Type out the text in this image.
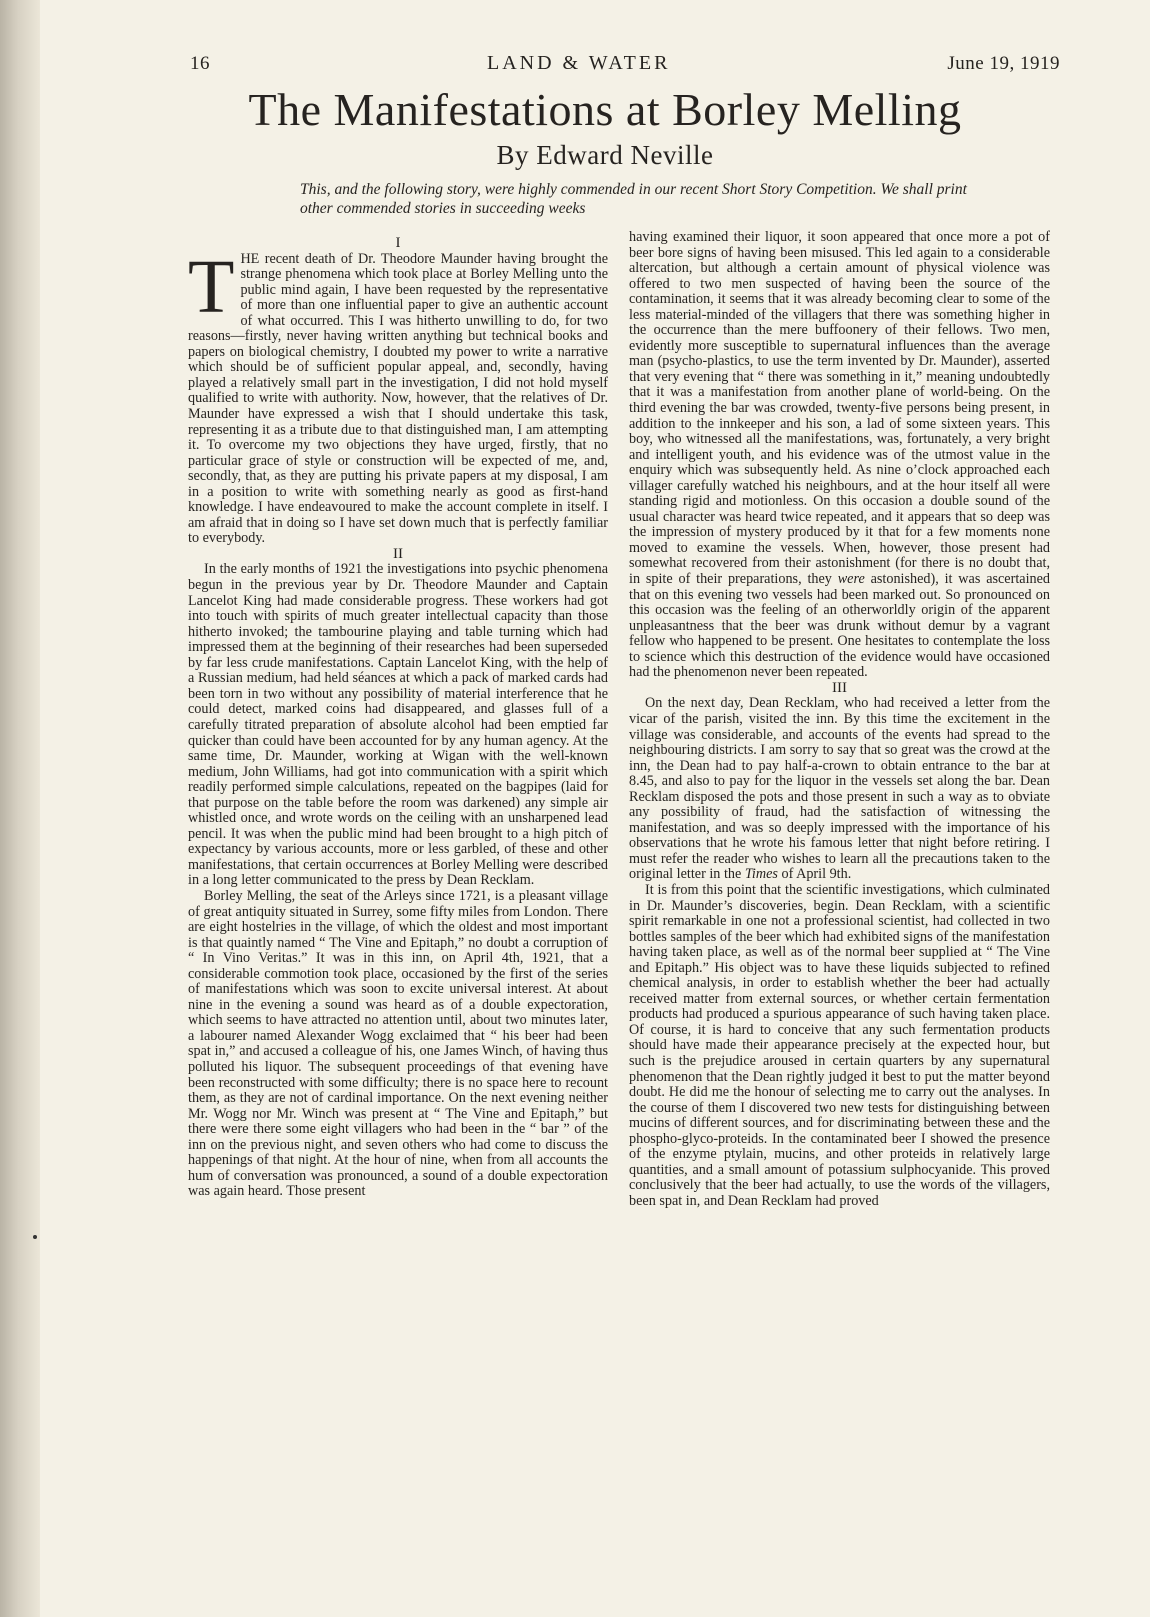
16	LAND & WATER	June 19, 1919
The Manifestations at Borley Melling

By Edward Neville

This, and the following story, were highly commended in our recent Short Story Competition. We shall print other commended stories in succeeding weeks

I

THE recent death of Dr. Theodore Maunder having brought the strange phenomena which took place at Borley Melling unto the public mind again, I have been requested by the representative of more than one influential paper to give an authentic account of what occurred. This I was hitherto unwilling to do, for two reasons—firstly, never having written anything but technical books and papers on biological chemistry, I doubted my power to write a narrative which should be of sufficient popular appeal, and, secondly, having played a relatively small part in the investigation, I did not hold myself qualified to write with authority. Now, however, that the relatives of Dr. Maunder have expressed a wish that I should undertake this task, representing it as a tribute due to that distinguished man, I am attempting it. To overcome my two objections they have urged, firstly, that no particular grace of style or construction will be expected of me, and, secondly, that, as they are putting his private papers at my disposal, I am in a position to write with something nearly as good as first-hand knowledge. I have endeavoured to make the account complete in itself. I am afraid that in doing so I have set down much that is perfectly familiar to everybody.

II

In the early months of 1921 the investigations into psychic phenomena begun in the previous year by Dr. Theodore Maunder and Captain Lancelot King had made considerable progress. These workers had got into touch with spirits of much greater intellectual capacity than those hitherto invoked; the tambourine playing and table turning which had impressed them at the beginning of their researches had been superseded by far less crude manifestations. Captain Lancelot King, with the help of a Russian medium, had held séances at which a pack of marked cards had been torn in two without any possibility of material interference that he could detect, marked coins had disappeared, and glasses full of a carefully titrated preparation of absolute alcohol had been emptied far quicker than could have been accounted for by any human agency. At the same time, Dr. Maunder, working at Wigan with the well-known medium, John Williams, had got into communication with a spirit which readily performed simple calculations, repeated on the bagpipes (laid for that purpose on the table before the room was darkened) any simple air whistled once, and wrote words on the ceiling with an unsharpened lead pencil. It was when the public mind had been brought to a high pitch of expectancy by various accounts, more or less garbled, of these and other manifestations, that certain occurrences at Borley Melling were described in a long letter communicated to the press by Dean Recklam.

Borley Melling, the seat of the Arleys since 1721, is a pleasant village of great antiquity situated in Surrey, some fifty miles from London. There are eight hostelries in the village, of which the oldest and most important is that quaintly named “ The Vine and Epitaph,” no doubt a corruption of “ In Vino Veritas.” It was in this inn, on April 4th, 1921, that a considerable commotion took place, occasioned by the first of the series of manifestations which was soon to excite universal interest. At about nine in the evening a sound was heard as of a double expectoration, which seems to have attracted no attention until, about two minutes later, a labourer named Alexander Wogg exclaimed that “ his beer had been spat in,” and accused a colleague of his, one James Winch, of having thus polluted his liquor. The subsequent proceedings of that evening have been reconstructed with some difficulty; there is no space here to recount them, as they are not of cardinal importance. On the next evening neither Mr. Wogg nor Mr. Winch was present at “ The Vine and Epitaph,” but there were there some eight villagers who had been in the “ bar ” of the inn on the previous night, and seven others who had come to discuss the happenings of that night. At the hour of nine, when from all accounts the hum of conversation was pronounced, a sound of a double expectoration was again heard. Those present

having examined their liquor, it soon appeared that once more a pot of beer bore signs of having been misused. This led again to a considerable altercation, but although a certain amount of physical violence was offered to two men suspected of having been the source of the contamination, it seems that it was already becoming clear to some of the less material-minded of the villagers that there was something higher in the occurrence than the mere buffoonery of their fellows. Two men, evidently more susceptible to supernatural influences than the average man (psycho-plastics, to use the term invented by Dr. Maunder), asserted that very evening that “ there was something in it,” meaning undoubtedly that it was a manifestation from another plane of world-being. On the third evening the bar was crowded, twenty-five persons being present, in addition to the innkeeper and his son, a lad of some sixteen years. This boy, who witnessed all the manifestations, was, fortunately, a very bright and intelligent youth, and his evidence was of the utmost value in the enquiry which was subsequently held. As nine o’clock approached each villager carefully watched his neighbours, and at the hour itself all were standing rigid and motionless. On this occasion a double sound of the usual character was heard twice repeated, and it appears that so deep was the impression of mystery produced by it that for a few moments none moved to examine the vessels. When, however, those present had somewhat recovered from their astonishment (for there is no doubt that, in spite of their preparations, they were astonished), it was ascertained that on this evening two vessels had been marked out. So pronounced on this occasion was the feeling of an otherworldly origin of the apparent unpleasantness that the beer was drunk without demur by a vagrant fellow who happened to be present. One hesitates to contemplate the loss to science which this destruction of the evidence would have occasioned had the phenomenon never been repeated.

III

On the next day, Dean Recklam, who had received a letter from the vicar of the parish, visited the inn. By this time the excitement in the village was considerable, and accounts of the events had spread to the neighbouring districts. I am sorry to say that so great was the crowd at the inn, the Dean had to pay half-a-crown to obtain entrance to the bar at 8.45, and also to pay for the liquor in the vessels set along the bar. Dean Recklam disposed the pots and those present in such a way as to obviate any possibility of fraud, had the satisfaction of witnessing the manifestation, and was so deeply impressed with the importance of his observations that he wrote his famous letter that night before retiring. I must refer the reader who wishes to learn all the precautions taken to the original letter in the Times of April 9th.

It is from this point that the scientific investigations, which culminated in Dr. Maunder’s discoveries, begin. Dean Recklam, with a scientific spirit remarkable in one not a professional scientist, had collected in two bottles samples of the beer which had exhibited signs of the manifestation having taken place, as well as of the normal beer supplied at “ The Vine and Epitaph.” His object was to have these liquids subjected to refined chemical analysis, in order to establish whether the beer had actually received matter from external sources, or whether certain fermentation products had produced a spurious appearance of such having taken place. Of course, it is hard to conceive that any such fermentation products should have made their appearance precisely at the expected hour, but such is the prejudice aroused in certain quarters by any supernatural phenomenon that the Dean rightly judged it best to put the matter beyond doubt. He did me the honour of selecting me to carry out the analyses. In the course of them I discovered two new tests for distinguishing between mucins of different sources, and for discriminating between these and the phospho-glyco-proteids. In the contaminated beer I showed the presence of the enzyme ptylain, mucins, and other proteids in relatively large quantities, and a small amount of potassium sulphocyanide. This proved conclusively that the beer had actually, to use the words of the villagers, been spat in, and Dean Recklam had proved
